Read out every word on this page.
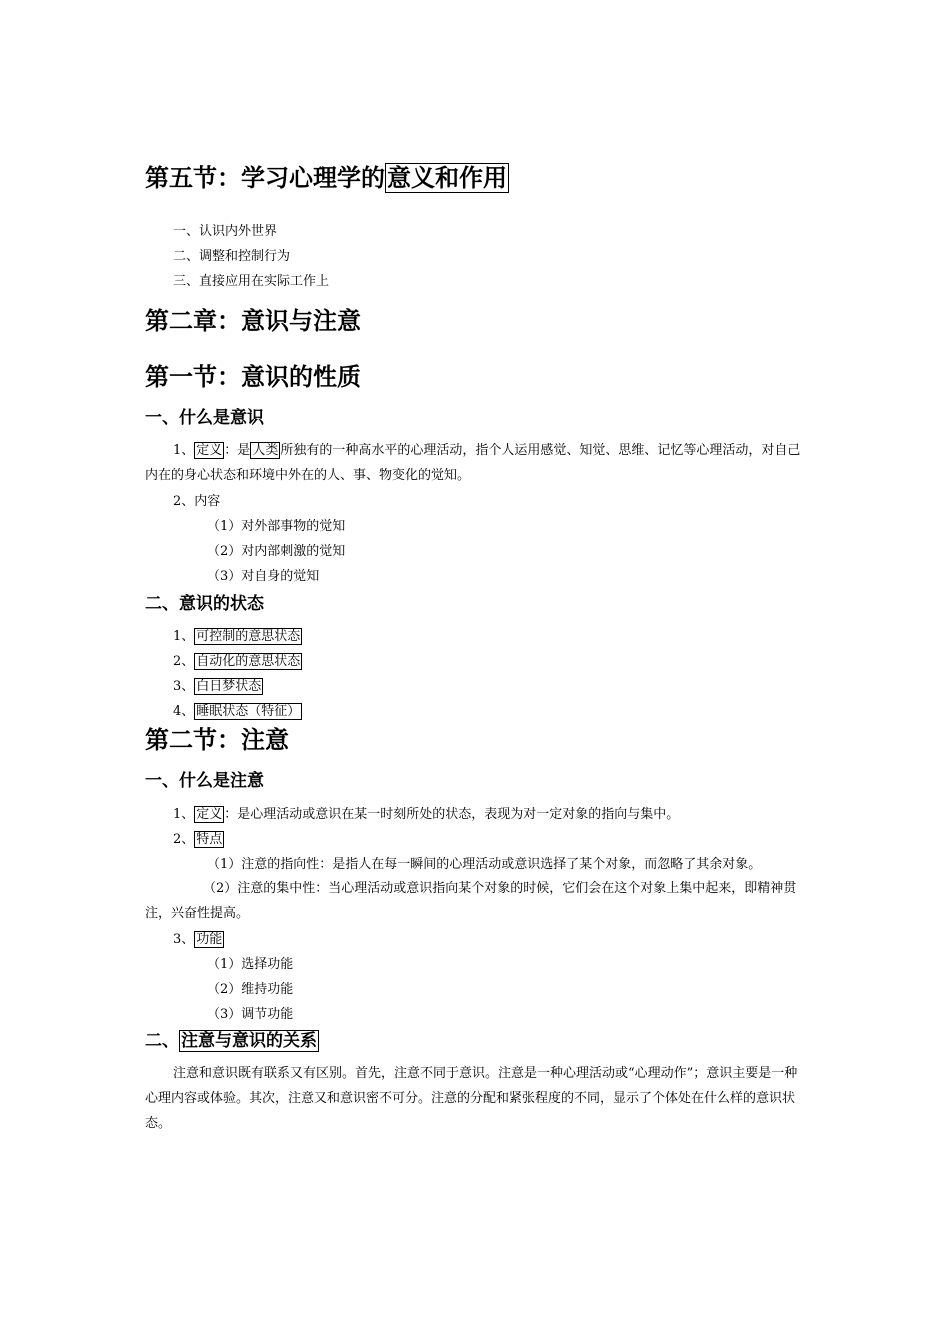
第五节：学习心理学的意义和作用
一、认识内外世界
二、调整和控制行为
三、直接应用在实际工作上
第二章：意识与注意
第一节：意识的性质
一、什么是意识
1、 定义 ：是 人类 所独有的一种高水平的心理活动，指个人运用感觉、知觉、思维、记忆等心理活动，对自己内在的身心状态和环境中外在的人、事、物变化的觉知。
2、内容
（1）对外部事物的觉知
（2）对内部刺激的觉知
（3）对自身的觉知
二、意识的状态
1、 可控制的意思状态
2、 自动化的意思状态
3、 白日梦状态
4、 睡眠状态（特征）
第二节：注意
一、什么是注意
1、 定义 ：是心理活动或意识在某一时刻所处的状态，表现为对一定对象的指向与集中。
2、 特点
（1）注意的指向性：是指人在每一瞬间的心理活动或意识选择了某个对象，而忽略了其余对象。
（2）注意的集中性：当心理活动或意识指向某个对象的时候，它们会在这个对象上集中起来，即精神贯注，兴奋性提高。
3、 功能
（1）选择功能
（2）维持功能
（3）调节功能
二、 注意与意识的关系
注意和意识既有联系又有区别。首先，注意不同于意识。注意是一种心理活动或“心理动作”；意识主要是一种心理内容或体验。其次，注意又和意识密不可分。注意的分配和紧张程度的不同，显示了个体处在什么样的意识状态。
